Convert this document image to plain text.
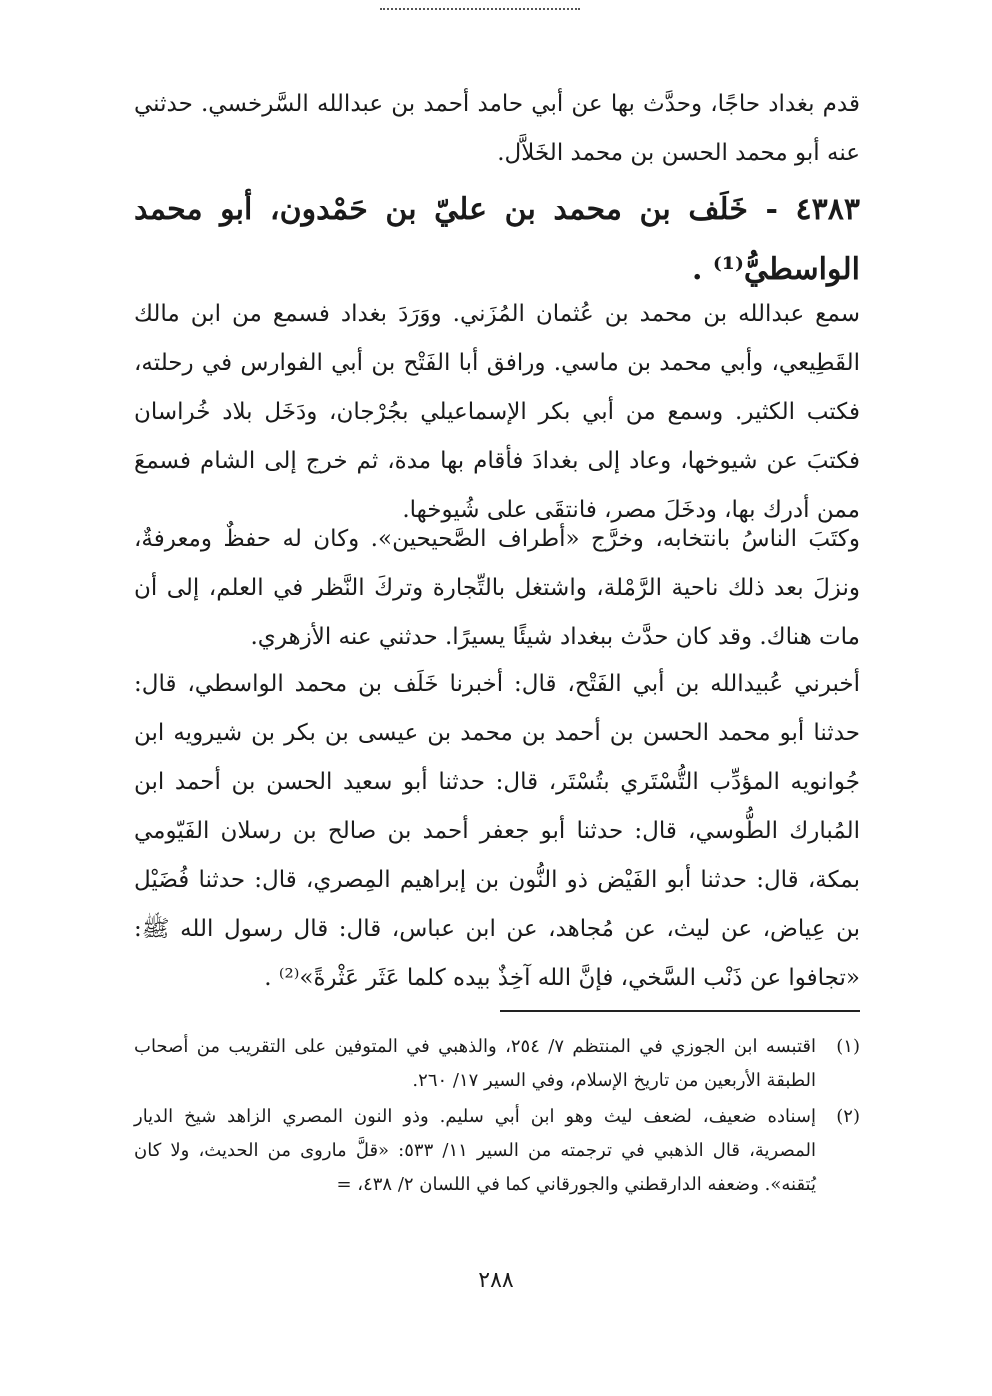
قدم بغداد حاجًا، وحدَّث بها عن أبي حامد أحمد بن عبدالله السَّرخسي. حدثني عنه أبو محمد الحسن بن محمد الخَلاَّل.

٤٣٨٣ - خَلَف بن محمد بن عليّ بن حَمْدون، أبو محمد الواسطيُّ⁽¹⁾ .

سمع عبدالله بن محمد بن عُثمان المُزَني. ووَرَدَ بغداد فسمع من ابن مالك القَطِيعي، وأبي محمد بن ماسي. ورافق أبا الفَتْح بن أبي الفوارس في رحلته، فكتب الكثير. وسمع من أبي بكر الإسماعيلي بجُرْجان، ودَخَل بلاد خُراسان فكتبَ عن شيوخها، وعاد إلى بغدادَ فأقام بها مدة، ثم خرج إلى الشام فسمعَ ممن أدرك بها، ودخَلَ مصر، فانتقَى على شُيوخها.

وكتَبَ الناسُ بانتخابه، وخرَّج «أطراف الصَّحيحين». وكان له حفظٌ ومعرفةٌ، ونزلَ بعد ذلك ناحية الرَّمْلة، واشتغل بالتِّجارة وتركَ النَّظر في العلم، إلى أن مات هناك. وقد كان حدَّث ببغداد شيئًا يسيرًا. حدثني عنه الأزهري.

أخبرني عُبيدالله بن أبي الفَتْح، قال: أخبرنا خَلَف بن محمد الواسطي، قال: حدثنا أبو محمد الحسن بن أحمد بن محمد بن عيسى بن بكر بن شيرويه ابن جُوانويه المؤدِّب التُّسْتَري بتُسْتَر، قال: حدثنا أبو سعيد الحسن بن أحمد ابن المُبارك الطُّوسي، قال: حدثنا أبو جعفر أحمد بن صالح بن رسلان الفَيّومي بمكة، قال: حدثنا أبو الفَيْض ذو النُّون بن إبراهيم المِصري، قال: حدثنا فُضَيْل بن عِياض، عن ليث، عن مُجاهد، عن ابن عباس، قال: قال رسول الله ﷺ: «تجافوا عن ذَنْب السَّخي، فإنَّ الله آخِذٌ بيده كلما عَثَر عَثْرةً»⁽²⁾ .

(١)
اقتبسه ابن الجوزي في المنتظم ٧/ ٢٥٤، والذهبي في المتوفين على التقريب من أصحاب الطبقة الأربعين من تاريخ الإسلام، وفي السير ١٧/ ٢٦٠.
(٢)
إسناده ضعيف، لضعف ليث وهو ابن أبي سليم. وذو النون المصري الزاهد شيخ الديار المصرية، قال الذهبي في ترجمته من السير ١١/ ٥٣٣: «قلَّ ماروى من الحديث، ولا كان يُتقنه». وضعفه الدارقطني والجورقاني كما في اللسان ٢/ ٤٣٨، =
٢٨٨
